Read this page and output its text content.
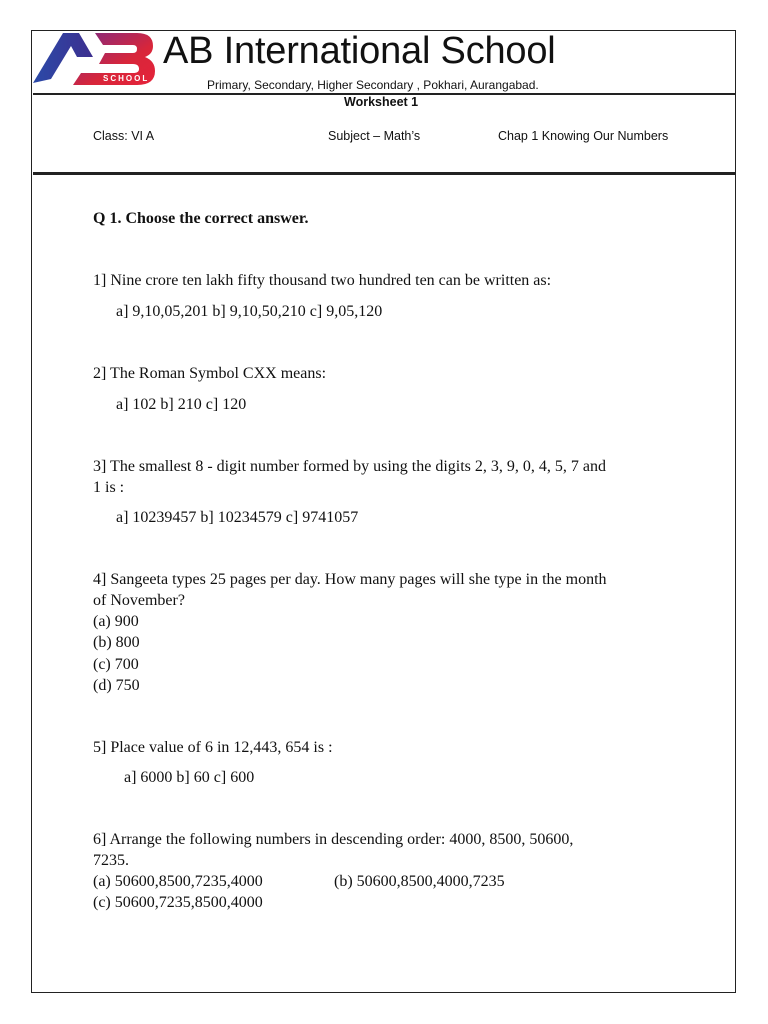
SCHOOL
AB International School
Primary, Secondary, Higher Secondary , Pokhari, Aurangabad.
Worksheet 1
Class: VI A	Subject – Math’s	Chap 1 Knowing Our Numbers
Q 1. Choose the correct answer.
1] Nine crore ten lakh fifty thousand two hundred ten can be written as:
a] 9,10,05,201 b] 9,10,50,210 c] 9,05,120
2] The Roman Symbol CXX means:
a] 102 b] 210 c] 120
3] The smallest 8 - digit number formed by using the digits 2, 3, 9, 0, 4, 5, 7 and
1 is :
a] 10239457 b] 10234579 c] 9741057
4] Sangeeta types 25 pages per day. How many pages will she type in the month
of November?
(a) 900
(b) 800
(c) 700
(d) 750
5] Place value of 6 in 12,443, 654 is :
a] 6000 b] 60 c] 600
6] Arrange the following numbers in descending order: 4000, 8500, 50600,
7235.
(a) 50600,8500,7235,4000	(b) 50600,8500,4000,7235
(c) 50600,7235,8500,4000
